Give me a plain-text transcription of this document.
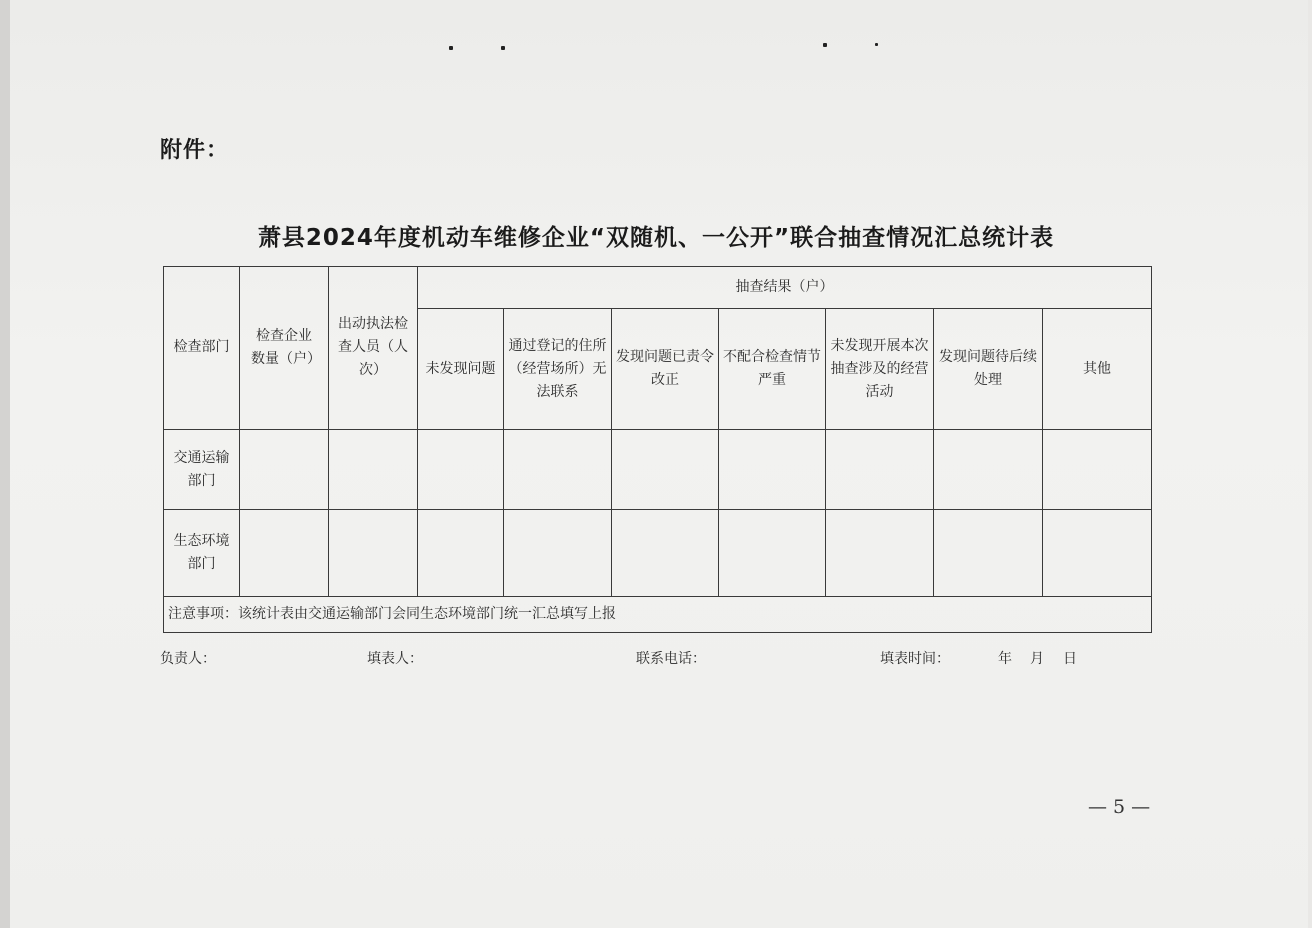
附件：
萧县2024年度机动车维修企业“双随机、一公开”联合抽查情况汇总统计表
检查部门	检查企业数量（户）	出动执法检查人员（人次）	抽查结果（户）						
			未发现问题	通过登记的住所（经营场所）无法联系	发现问题已责令改正	不配合检查情节严重	未发现开展本次抽查涉及的经营活动	发现问题待后续处理	其他
交通运输部门									
生态环境部门									
注意事项：该统计表由交通运输部门会同生态环境部门统一汇总填写上报									
负责人：	填表人：	联系电话：	填表时间：	年 月 日
— 5 —
